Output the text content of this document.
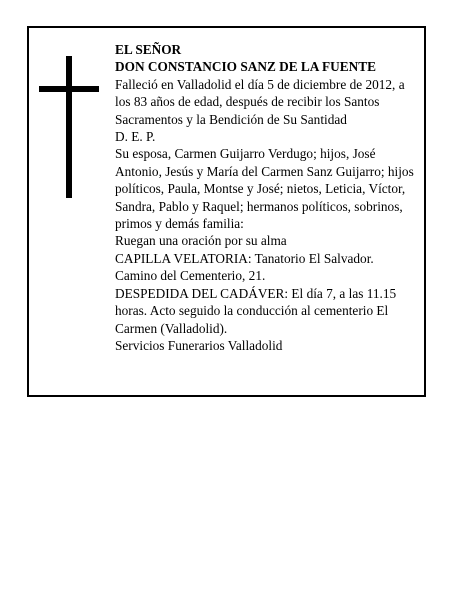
EL SEÑOR
DON CONSTANCIO SANZ DE LA FUENTE
Falleció en Valladolid el día 5 de diciembre de 2012, a los 83 años de edad, después de recibir los Santos Sacramentos y la Bendición de Su Santidad
D. E. P.
Su esposa, Carmen Guijarro Verdugo; hijos, José Antonio, Jesús y María del Carmen Sanz Guijarro; hijos políticos, Paula, Montse y José; nietos, Leticia, Víctor, Sandra, Pablo y Raquel; hermanos políticos, sobrinos, primos y demás familia:
Ruegan una oración por su alma
CAPILLA VELATORIA: Tanatorio El Salvador. Camino del Cementerio, 21.
DESPEDIDA DEL CADÁVER: El día 7, a las 11.15 horas. Acto seguido la conducción al cementerio El Carmen (Valladolid).
Servicios Funerarios Valladolid
